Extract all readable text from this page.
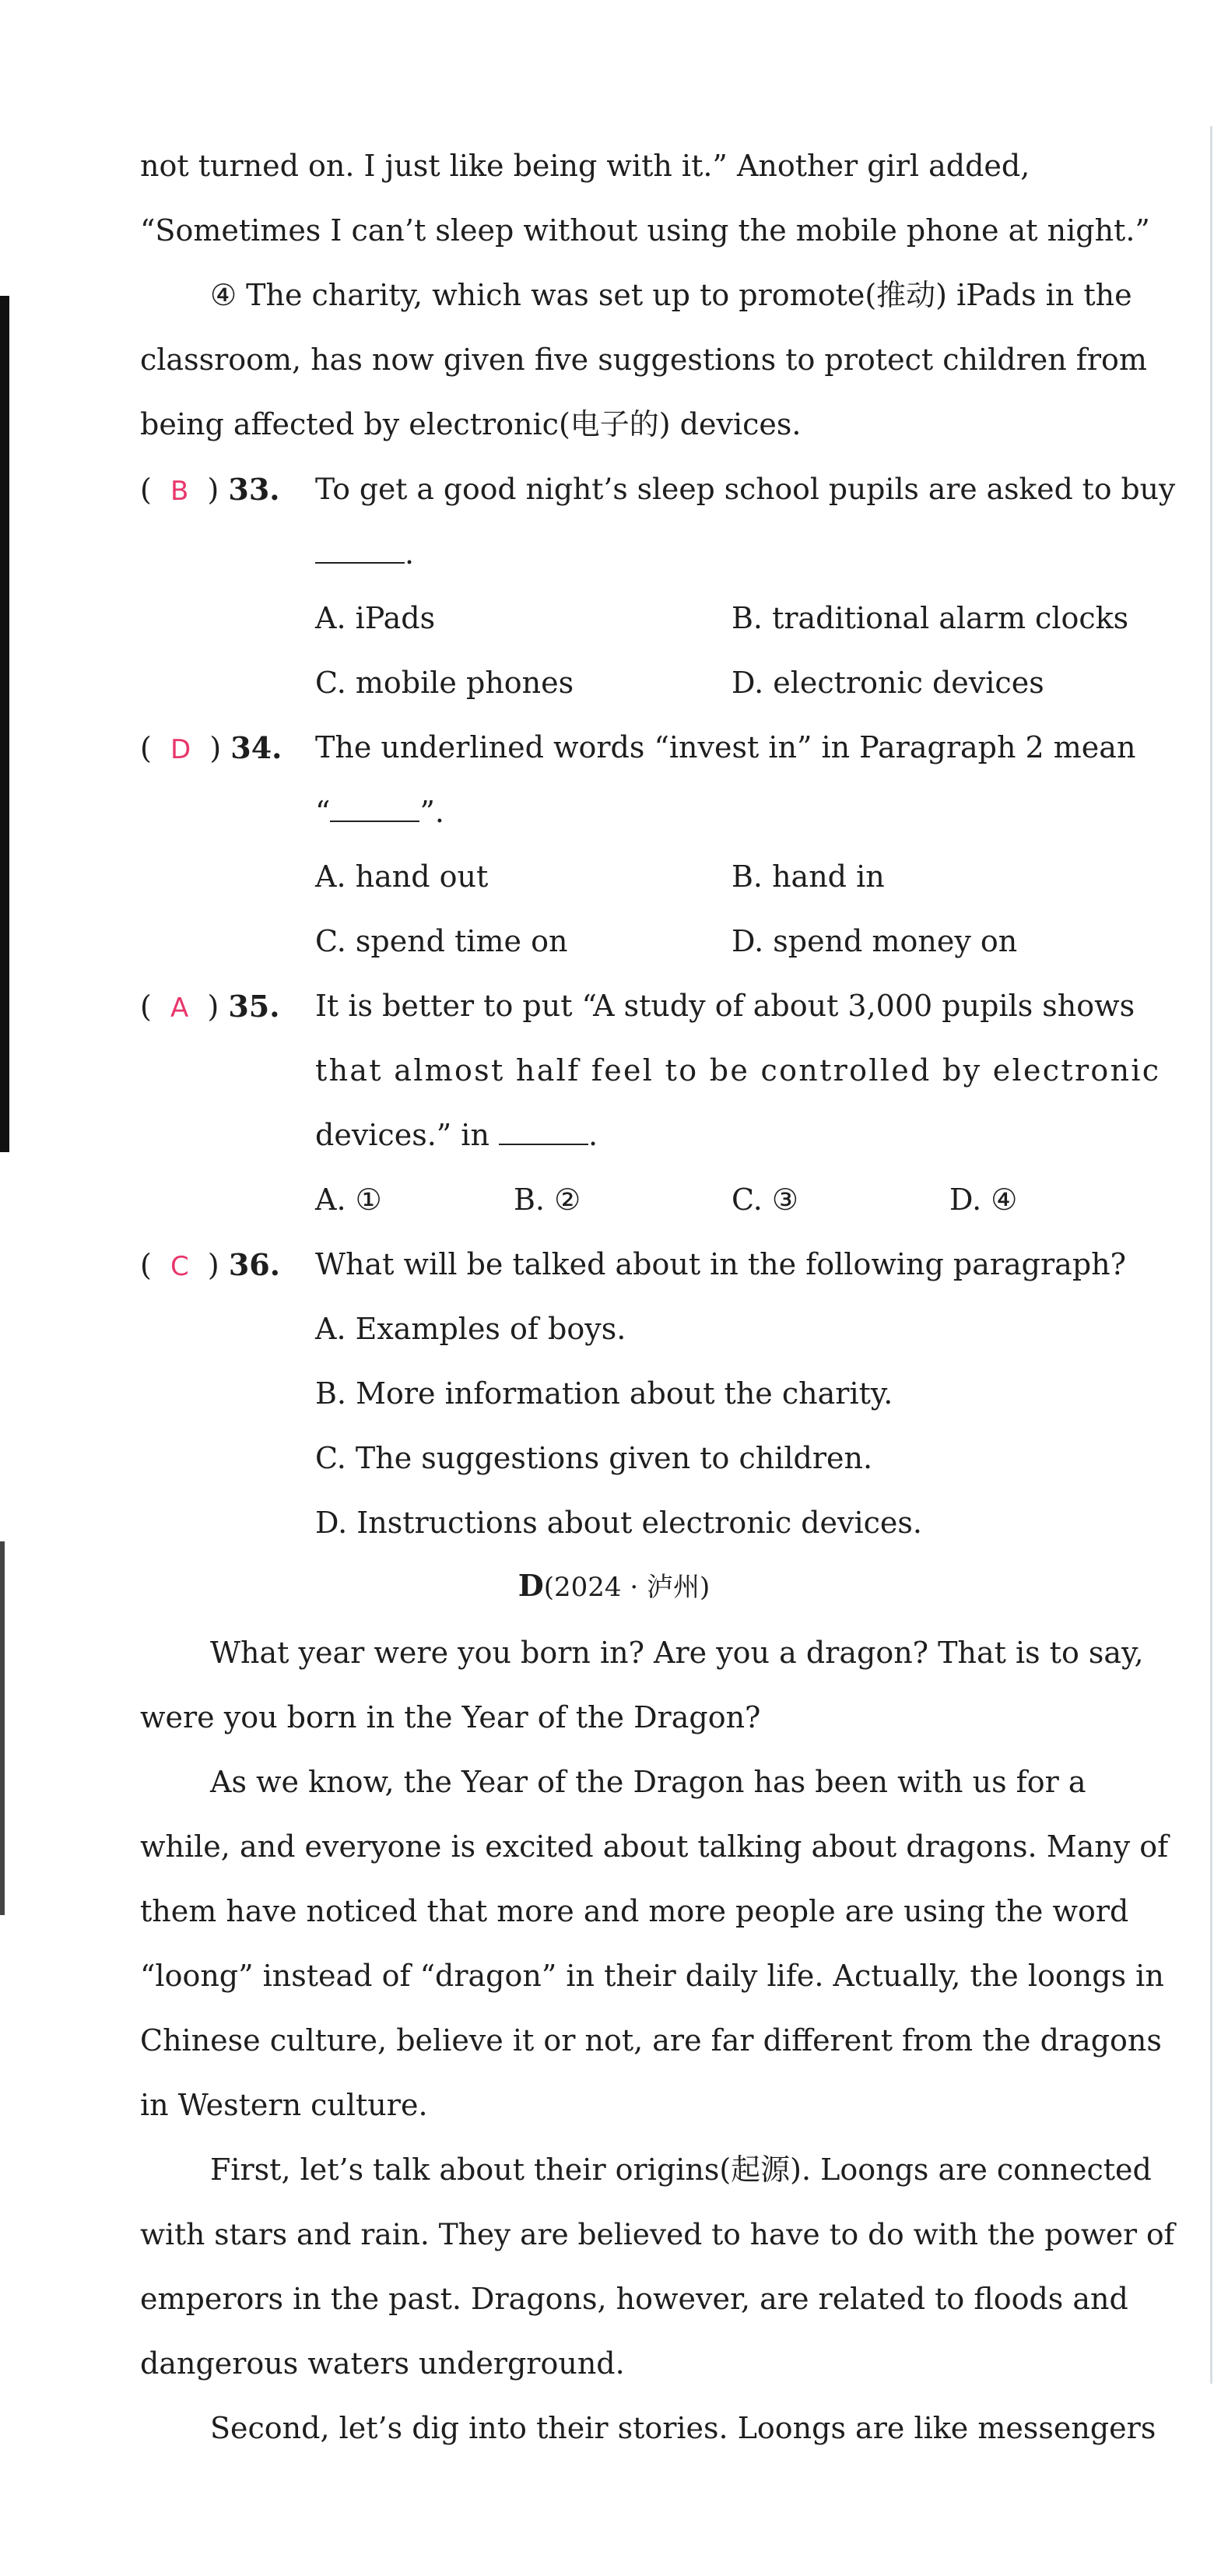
not turned on. I just like being with it.” Another girl added,
“Sometimes I can’t sleep without using the mobile phone at night.”
④ The charity, which was set up to promote(推动) iPads in the
classroom, has now given five suggestions to protect children from
being affected by electronic(电子的) devices.
( B ) 33. To get a good night’s sleep school pupils are asked to buy
.
A. iPads	B. traditional alarm clocks
C. mobile phones	D. electronic devices
( D ) 34. The underlined words “invest in” in Paragraph 2 mean
“	”.
A. hand out	B. hand in
C. spend time on	D. spend money on
( A ) 35. It is better to put “A study of about 3,000 pupils shows
that almost half feel to be controlled by electronic
devices.” in	.
A. ①	B. ②	C. ③	D. ④
( C ) 36. What will be talked about in the following paragraph?
A. Examples of boys.
B. More information about the charity.
C. The suggestions given to children.
D. Instructions about electronic devices.
D(2024 · 泸州)
What year were you born in? Are you a dragon? That is to say,
were you born in the Year of the Dragon?
As we know, the Year of the Dragon has been with us for a
while, and everyone is excited about talking about dragons. Many of
them have noticed that more and more people are using the word
“loong” instead of “dragon” in their daily life. Actually, the loongs in
Chinese culture, believe it or not, are far different from the dragons
in Western culture.
First, let’s talk about their origins(起源). Loongs are connected
with stars and rain. They are believed to have to do with the power of
emperors in the past. Dragons, however, are related to floods and
dangerous waters underground.
Second, let’s dig into their stories. Loongs are like messengers
